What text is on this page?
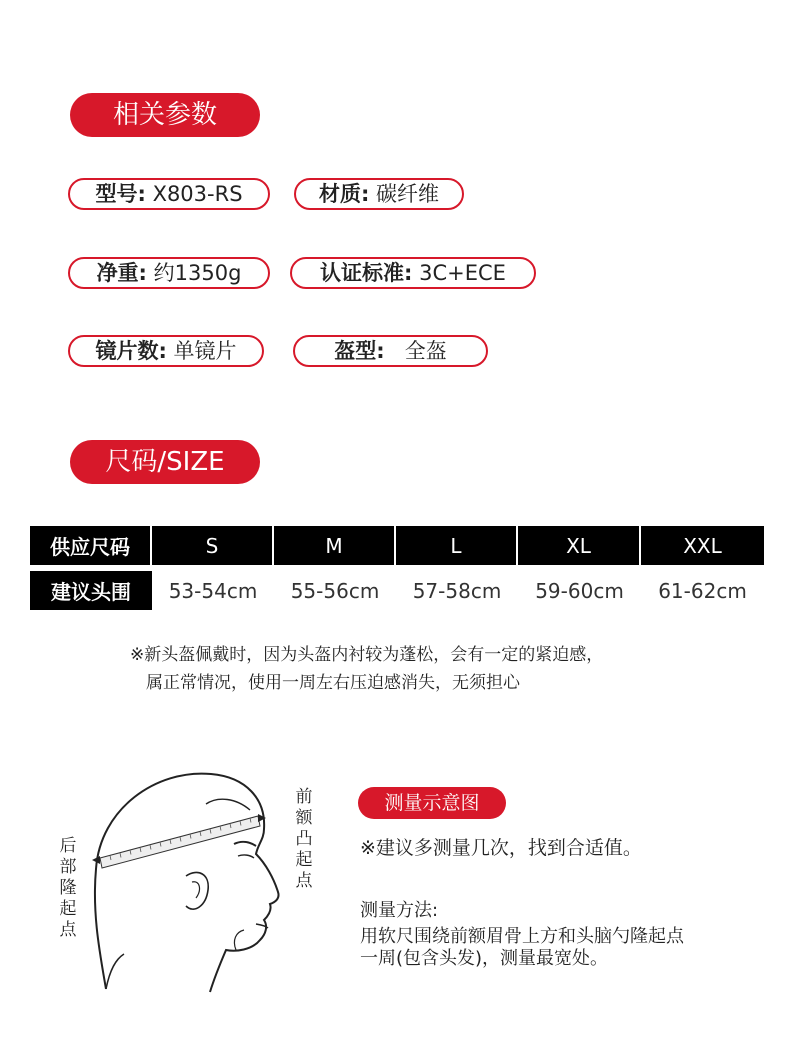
相关参数
型号: X803-RS	材质: 碳纤维
净重: 约1350g	认证标准: 3C+ECE
镜片数: 单镜片	盔型: 全盔
尺码/SIZE
供应尺码	S	M	L	XL	XXL

建议头围	53-54cm	55-56cm	57-58cm	59-60cm	61-62cm
※新头盔佩戴时，因为头盔内衬较为蓬松，会有一定的紧迫感，
属正常情况，使用一周左右压迫感消失，无须担心
后部隆起点
前额凸起点
测量示意图
※建议多测量几次，找到合适值。
测量方法:
用软尺围绕前额眉骨上方和头脑勺隆起点
一周(包含头发)，测量最宽处。
